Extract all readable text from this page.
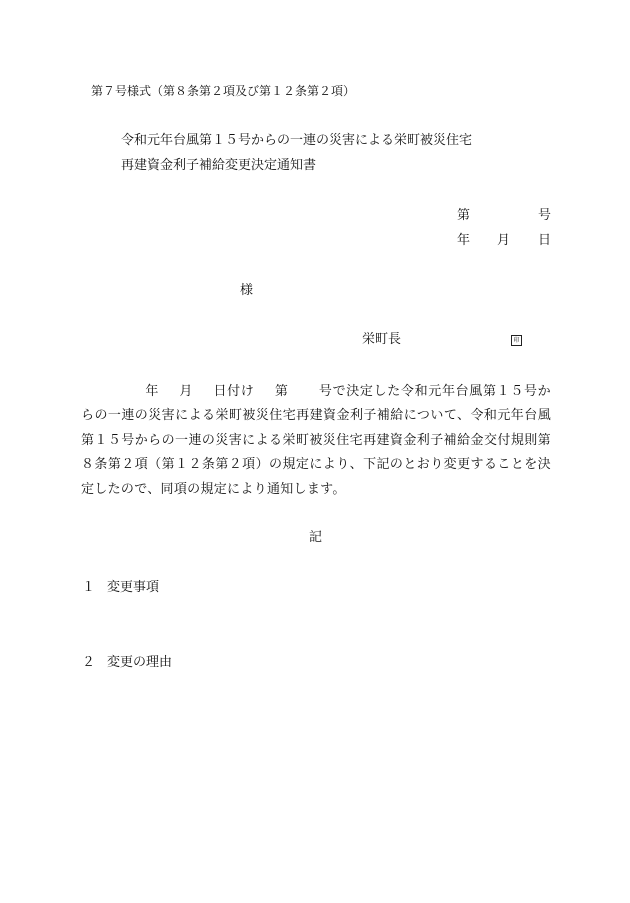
第７号様式（第８条第２項及び第１２条第２項）
令和元年台風第１５号からの一連の災害による栄町被災住宅
再建資金利子補給変更決定通知書
第	号
年 月 日
様
栄町長	印
年 月 日付け 第 号で決定した令和元年台風第１５号からの一連の災害による栄町被災住宅再建資金利子補給について、令和元年台風第１５号からの一連の災害による栄町被災住宅再建資金利子補給金交付規則第８条第２項（第１２条第２項）の規定により、下記のとおり変更することを決定したので、同項の規定により通知します。
記
１ 変更事項
２ 変更の理由
